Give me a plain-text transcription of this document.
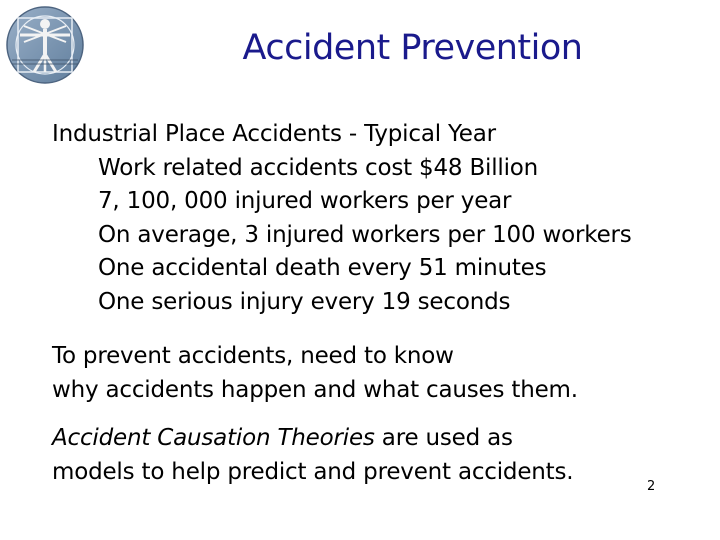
Accident Prevention
Industrial Place Accidents - Typical Year
Work related accidents cost $48 Billion
7, 100, 000 injured workers per year
On average, 3 injured workers per 100 workers
One accidental death every 51 minutes
One serious injury every 19 seconds
To prevent accidents, need to know
why accidents happen and what causes them.
Accident Causation Theories are used as
models to help predict and prevent accidents.
2
